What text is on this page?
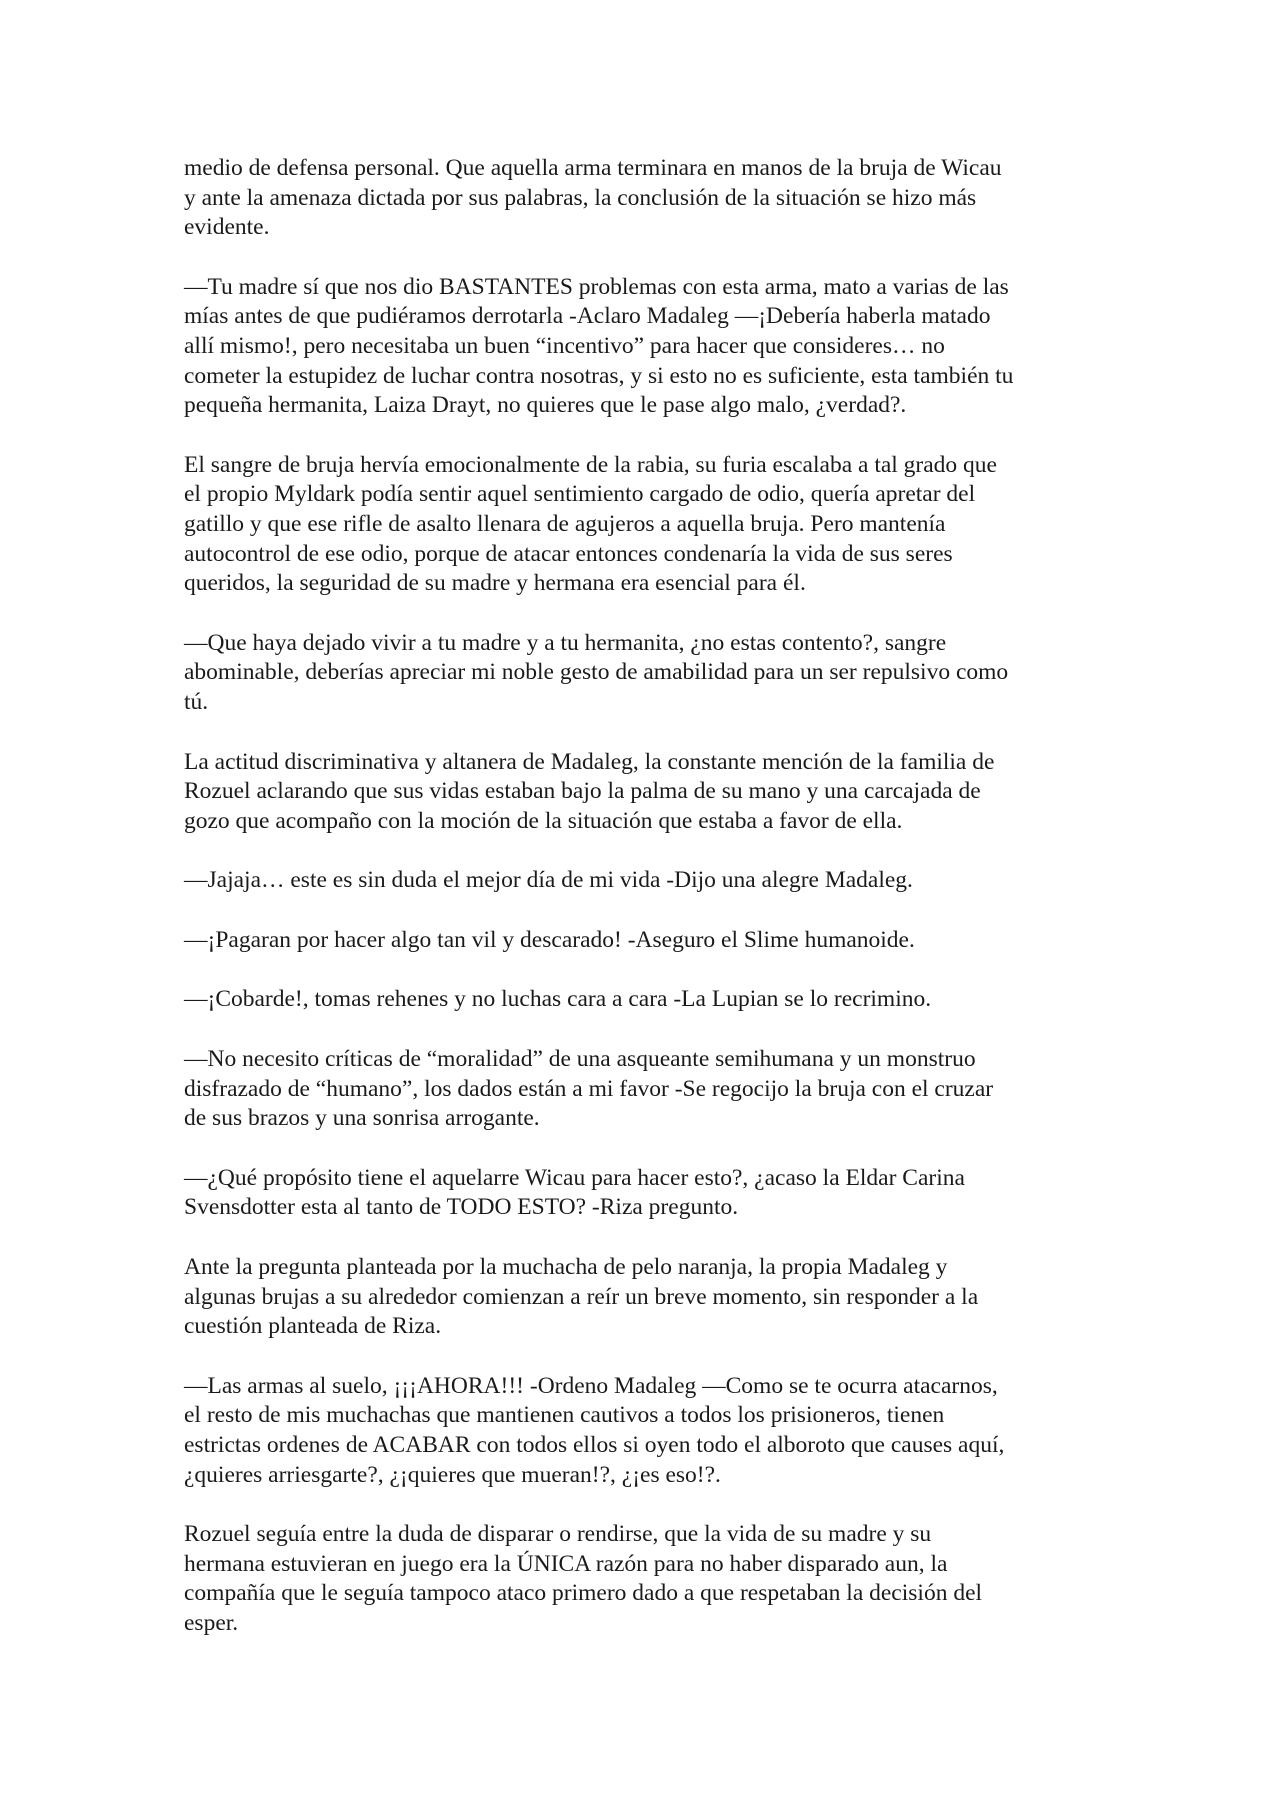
medio de defensa personal. Que aquella arma terminara en manos de la bruja de Wicau
y ante la amenaza dictada por sus palabras, la conclusión de la situación se hizo más
evidente.
—Tu madre sí que nos dio BASTANTES problemas con esta arma, mato a varias de las
mías antes de que pudiéramos derrotarla -Aclaro Madaleg —¡Debería haberla matado
allí mismo!, pero necesitaba un buen “incentivo” para hacer que consideres… no
cometer la estupidez de luchar contra nosotras, y si esto no es suficiente, esta también tu
pequeña hermanita, Laiza Drayt, no quieres que le pase algo malo, ¿verdad?.
El sangre de bruja hervía emocionalmente de la rabia, su furia escalaba a tal grado que
el propio Myldark podía sentir aquel sentimiento cargado de odio, quería apretar del
gatillo y que ese rifle de asalto llenara de agujeros a aquella bruja. Pero mantenía
autocontrol de ese odio, porque de atacar entonces condenaría la vida de sus seres
queridos, la seguridad de su madre y hermana era esencial para él.
—Que haya dejado vivir a tu madre y a tu hermanita, ¿no estas contento?, sangre
abominable, deberías apreciar mi noble gesto de amabilidad para un ser repulsivo como
tú.
La actitud discriminativa y altanera de Madaleg, la constante mención de la familia de
Rozuel aclarando que sus vidas estaban bajo la palma de su mano y una carcajada de
gozo que acompaño con la moción de la situación que estaba a favor de ella.
—Jajaja… este es sin duda el mejor día de mi vida -Dijo una alegre Madaleg.
—¡Pagaran por hacer algo tan vil y descarado! -Aseguro el Slime humanoide.
—¡Cobarde!, tomas rehenes y no luchas cara a cara -La Lupian se lo recrimino.
—No necesito críticas de “moralidad” de una asqueante semihumana y un monstruo
disfrazado de “humano”, los dados están a mi favor -Se regocijo la bruja con el cruzar
de sus brazos y una sonrisa arrogante.
—¿Qué propósito tiene el aquelarre Wicau para hacer esto?, ¿acaso la Eldar Carina
Svensdotter esta al tanto de TODO ESTO? -Riza pregunto.
Ante la pregunta planteada por la muchacha de pelo naranja, la propia Madaleg y
algunas brujas a su alrededor comienzan a reír un breve momento, sin responder a la
cuestión planteada de Riza.
—Las armas al suelo, ¡¡¡AHORA!!! -Ordeno Madaleg —Como se te ocurra atacarnos,
el resto de mis muchachas que mantienen cautivos a todos los prisioneros, tienen
estrictas ordenes de ACABAR con todos ellos si oyen todo el alboroto que causes aquí,
¿quieres arriesgarte?, ¿¡quieres que mueran!?, ¿¡es eso!?.
Rozuel seguía entre la duda de disparar o rendirse, que la vida de su madre y su
hermana estuvieran en juego era la ÚNICA razón para no haber disparado aun, la
compañía que le seguía tampoco ataco primero dado a que respetaban la decisión del
esper.
